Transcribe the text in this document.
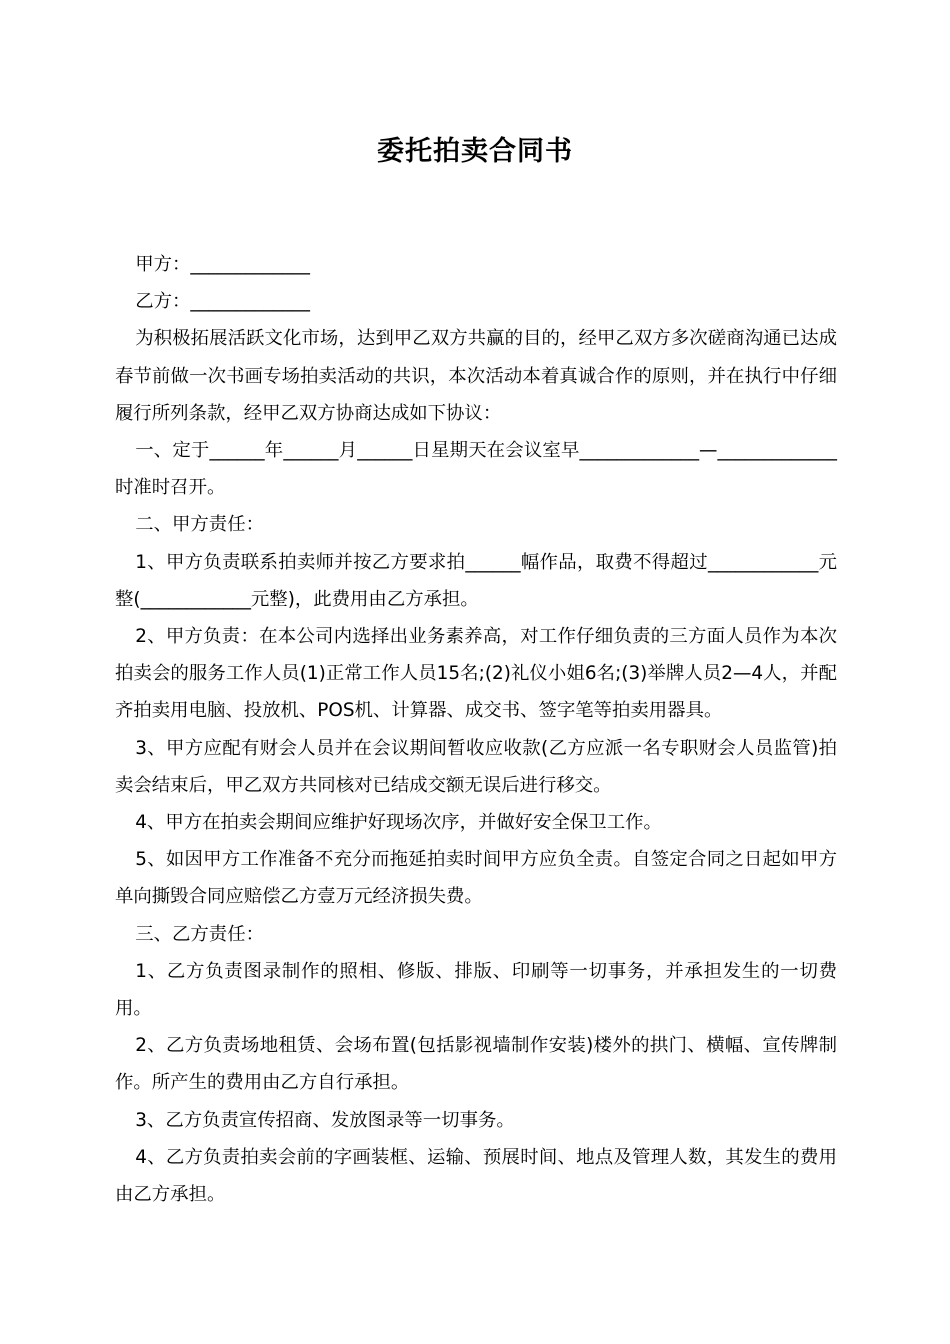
委托拍卖合同书

甲方：_____________

乙方：_____________

为积极拓展活跃文化市场，达到甲乙双方共赢的目的，经甲乙双方多次磋商沟通已达成春节前做一次书画专场拍卖活动的共识，本次活动本着真诚合作的原则，并在执行中仔细履行所列条款，经甲乙双方协商达成如下协议：

一、定于______年______月______日星期天在会议室早_____________—_____________时准时召开。

二、甲方责任：

1、甲方负责联系拍卖师并按乙方要求拍______幅作品，取费不得超过____________元整(____________元整)，此费用由乙方承担。

2、甲方负责：在本公司内选择出业务素养高，对工作仔细负责的三方面人员作为本次拍卖会的服务工作人员(1)正常工作人员15名;(2)礼仪小姐6名;(3)举牌人员2—4人，并配齐拍卖用电脑、投放机、POS机、计算器、成交书、签字笔等拍卖用器具。

3、甲方应配有财会人员并在会议期间暂收应收款(乙方应派一名专职财会人员监管)拍卖会结束后，甲乙双方共同核对已结成交额无误后进行移交。

4、甲方在拍卖会期间应维护好现场次序，并做好安全保卫工作。

5、如因甲方工作准备不充分而拖延拍卖时间甲方应负全责。自签定合同之日起如甲方单向撕毁合同应赔偿乙方壹万元经济损失费。

三、乙方责任：

1、乙方负责图录制作的照相、修版、排版、印刷等一切事务，并承担发生的一切费用。

2、乙方负责场地租赁、会场布置(包括影视墙制作安装)楼外的拱门、横幅、宣传牌制作。所产生的费用由乙方自行承担。

3、乙方负责宣传招商、发放图录等一切事务。

4、乙方负责拍卖会前的字画装框、运输、预展时间、地点及管理人数，其发生的费用由乙方承担。
